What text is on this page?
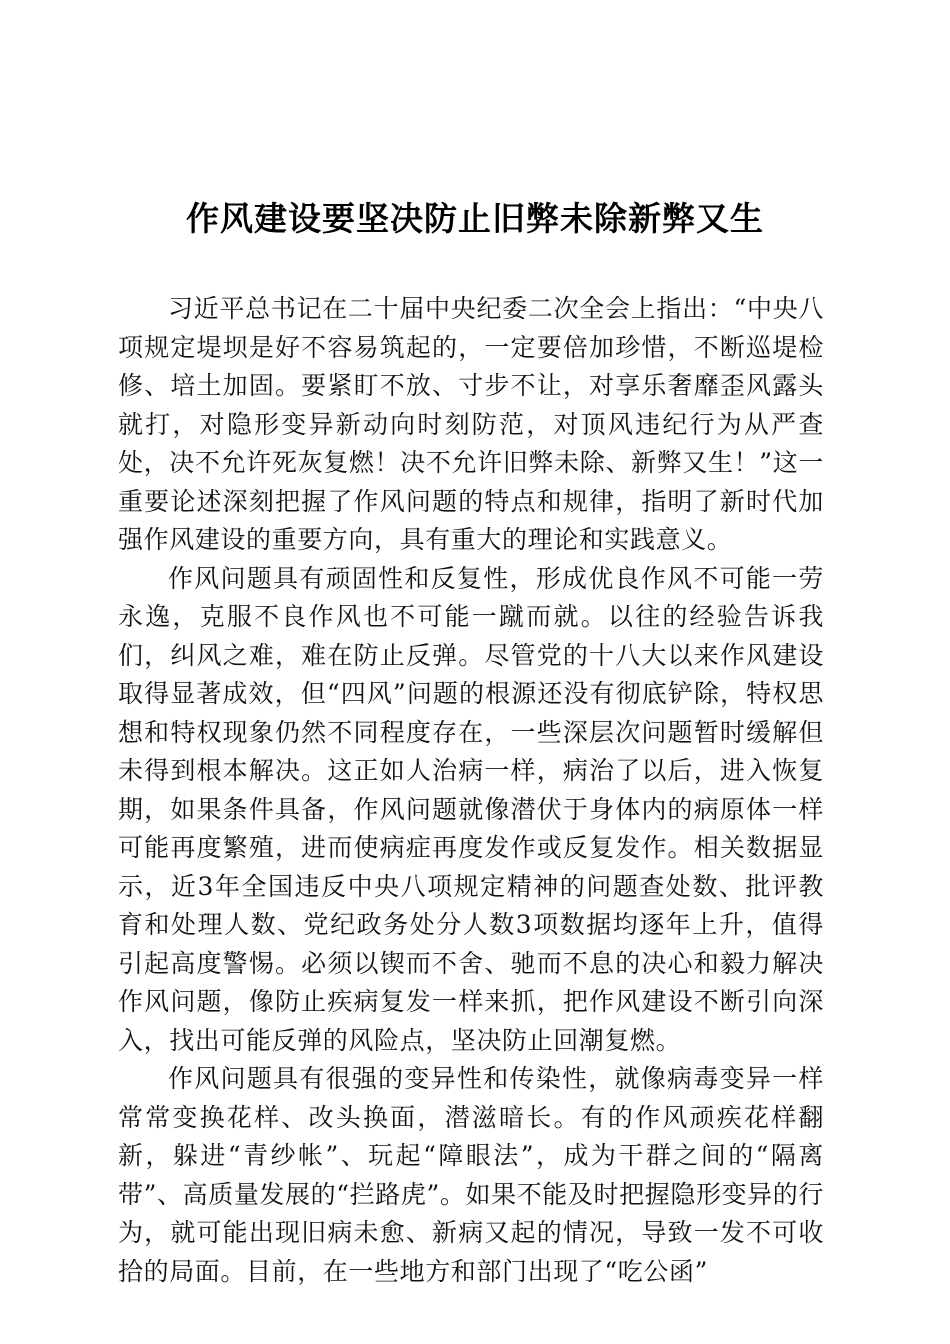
作风建设要坚决防止旧弊未除新弊又生

习近平总书记在二十届中央纪委二次全会上指出：“中央八项规定堤坝是好不容易筑起的，一定要倍加珍惜，不断巡堤检修、培土加固。要紧盯不放、寸步不让，对享乐奢靡歪风露头就打，对隐形变异新动向时刻防范，对顶风违纪行为从严查处，决不允许死灰复燃！决不允许旧弊未除、新弊又生！”这一重要论述深刻把握了作风问题的特点和规律，指明了新时代加强作风建设的重要方向，具有重大的理论和实践意义。

作风问题具有顽固性和反复性，形成优良作风不可能一劳永逸，克服不良作风也不可能一蹴而就。以往的经验告诉我们，纠风之难，难在防止反弹。尽管党的十八大以来作风建设取得显著成效，但“四风”问题的根源还没有彻底铲除，特权思想和特权现象仍然不同程度存在，一些深层次问题暂时缓解但未得到根本解决。这正如人治病一样，病治了以后，进入恢复期，如果条件具备，作风问题就像潜伏于身体内的病原体一样可能再度繁殖，进而使病症再度发作或反复发作。相关数据显示，近3年全国违反中央八项规定精神的问题查处数、批评教育和处理人数、党纪政务处分人数3项数据均逐年上升，值得引起高度警惕。必须以锲而不舍、驰而不息的决心和毅力解决作风问题，像防止疾病复发一样来抓，把作风建设不断引向深入，找出可能反弹的风险点，坚决防止回潮复燃。

作风问题具有很强的变异性和传染性，就像病毒变异一样常常变换花样、改头换面，潜滋暗长。有的作风顽疾花样翻新，躲进“青纱帐”、玩起“障眼法”，成为干群之间的“隔离带”、高质量发展的“拦路虎”。如果不能及时把握隐形变异的行为，就可能出现旧病未愈、新病又起的情况，导致一发不可收拾的局面。目前，在一些地方和部门出现了“吃公函”
